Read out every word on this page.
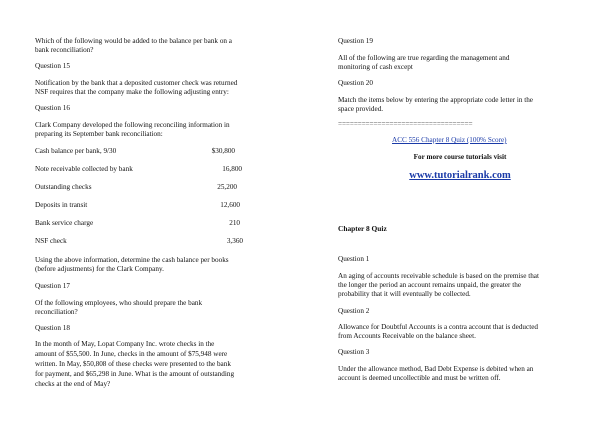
Which of the following would be added to the balance per bank on a
bank reconciliation?
Question 15
Notification by the bank that a deposited customer check was returned
NSF requires that the company make the following adjusting entry:
Question 16
Clark Company developed the following reconciling information in
preparing its September bank reconciliation:
Cash balance per bank, 9/30	$30,800
Note receivable collected by bank	16,800
Outstanding checks	25,200
Deposits in transit	12,600
Bank service charge	210
NSF check	3,360
Using the above information, determine the cash balance per books
(before adjustments) for the Clark Company.
Question 17
Of the following employees, who should prepare the bank
reconciliation?
Question 18
In the month of May, Lopat Company Inc. wrote checks in the
amount of $55,500. In June, checks in the amount of $75,948 were
written. In May, $50,808 of these checks were presented to the bank
for payment, and $65,298 in June. What is the amount of outstanding
checks at the end of May?
Question 19
All of the following are true regarding the management and
monitoring of cash except
Question 20
Match the items below by entering the appropriate code letter in the
space provided.
==================================
ACC 556 Chapter 8 Quiz (100% Score)
For more course tutorials visit
www.tutorialrank.com
Chapter 8 Quiz
Question 1
An aging of accounts receivable schedule is based on the premise that
the longer the period an account remains unpaid, the greater the
probability that it will eventually be collected.
Question 2
Allowance for Doubtful Accounts is a contra account that is deducted
from Accounts Receivable on the balance sheet.
Question 3
Under the allowance method, Bad Debt Expense is debited when an
account is deemed uncollectible and must be written off.
